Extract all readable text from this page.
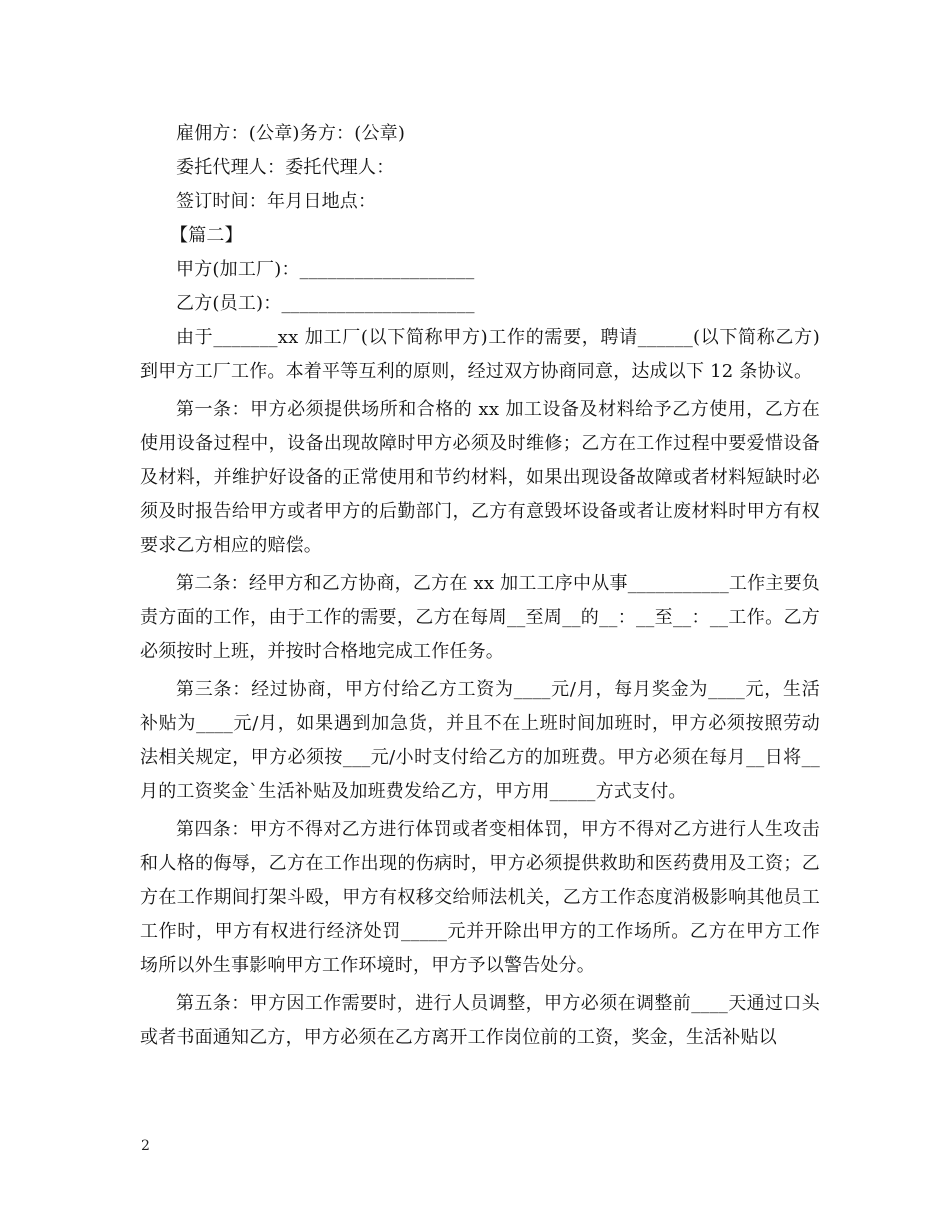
雇佣方：(公章)务方：(公章)

委托代理人：委托代理人：

签订时间：年月日地点：

【篇二】

甲方(加工厂)：___________________

乙方(员工)：_____________________

由于_______xx 加工厂(以下简称甲方)工作的需要，聘请______(以下简称乙方)到甲方工厂工作。本着平等互利的原则，经过双方协商同意，达成以下 12 条协议。

第一条：甲方必须提供场所和合格的 xx 加工设备及材料给予乙方使用，乙方在使用设备过程中，设备出现故障时甲方必须及时维修；乙方在工作过程中要爱惜设备及材料，并维护好设备的正常使用和节约材料，如果出现设备故障或者材料短缺时必须及时报告给甲方或者甲方的后勤部门，乙方有意毁坏设备或者让废材料时甲方有权要求乙方相应的赔偿。

第二条：经甲方和乙方协商，乙方在 xx 加工工序中从事___________工作主要负责方面的工作，由于工作的需要，乙方在每周__至周__的__：__至__：__工作。乙方必须按时上班，并按时合格地完成工作任务。

第三条：经过协商，甲方付给乙方工资为____元/月，每月奖金为____元，生活补贴为____元/月，如果遇到加急货，并且不在上班时间加班时，甲方必须按照劳动法相关规定，甲方必须按___元/小时支付给乙方的加班费。甲方必须在每月__日将__月的工资奖金`生活补贴及加班费发给乙方，甲方用_____方式支付。

第四条：甲方不得对乙方进行体罚或者变相体罚，甲方不得对乙方进行人生攻击和人格的侮辱，乙方在工作出现的伤病时，甲方必须提供救助和医药费用及工资；乙方在工作期间打架斗殴，甲方有权移交给师法机关，乙方工作态度消极影响其他员工工作时，甲方有权进行经济处罚_____元并开除出甲方的工作场所。乙方在甲方工作场所以外生事影响甲方工作环境时，甲方予以警告处分。

第五条：甲方因工作需要时，进行人员调整，甲方必须在调整前____天通过口头或者书面通知乙方，甲方必须在乙方离开工作岗位前的工资，奖金，生活补贴以

2
